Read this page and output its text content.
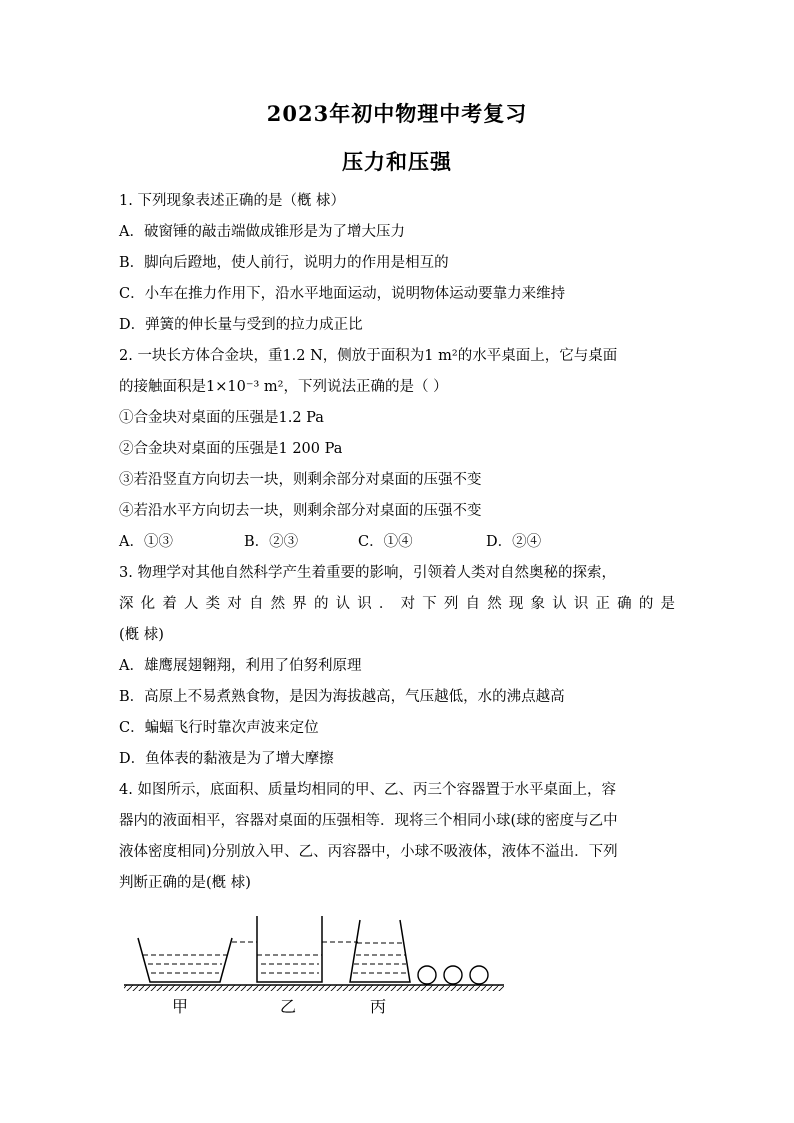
2023年初中物理中考复习
压力和压强
1. 下列现象表述正确的是（槪 梂）
A．破窗锤的敲击端做成锥形是为了增大压力
B．脚向后蹬地，使人前行，说明力的作用是相互的
C．小车在推力作用下，沿水平地面运动，说明物体运动要靠力来维持
D．弹簧的伸长量与受到的拉力成正比
2. 一块长方体合金块，重1.2 N，侧放于面积为1 m²的水平桌面上，它与桌面
的接触面积是1×10⁻³ m²，下列说法正确的是（ ）
①合金块对桌面的压强是1.2 Pa
②合金块对桌面的压强是1 200 Pa
③若沿竖直方向切去一块，则剩余部分对桌面的压强不变
④若沿水平方向切去一块，则剩余部分对桌面的压强不变
A．①③	B．②③	C．①④	D．②④
3. 物理学对其他自然科学产生着重要的影响，引领着人类对自然奥秘的探索，
深化着人类对自然界的认识．对下列自然现象认识正确的是
(槪 梂)
A．雄鹰展翅翱翔，利用了伯努利原理
B．高原上不易煮熟食物，是因为海拔越高，气压越低，水的沸点越高
C．蝙蝠飞行时靠次声波来定位
D．鱼体表的黏液是为了增大摩擦
4. 如图所示，底面积、质量均相同的甲、乙、丙三个容器置于水平桌面上，容
器内的液面相平，容器对桌面的压强相等．现将三个相同小球(球的密度与乙中
液体密度相同)分别放入甲、乙、丙容器中，小球不吸液体，液体不溢出．下列
判断正确的是(槪 梂)
甲	乙	丙
